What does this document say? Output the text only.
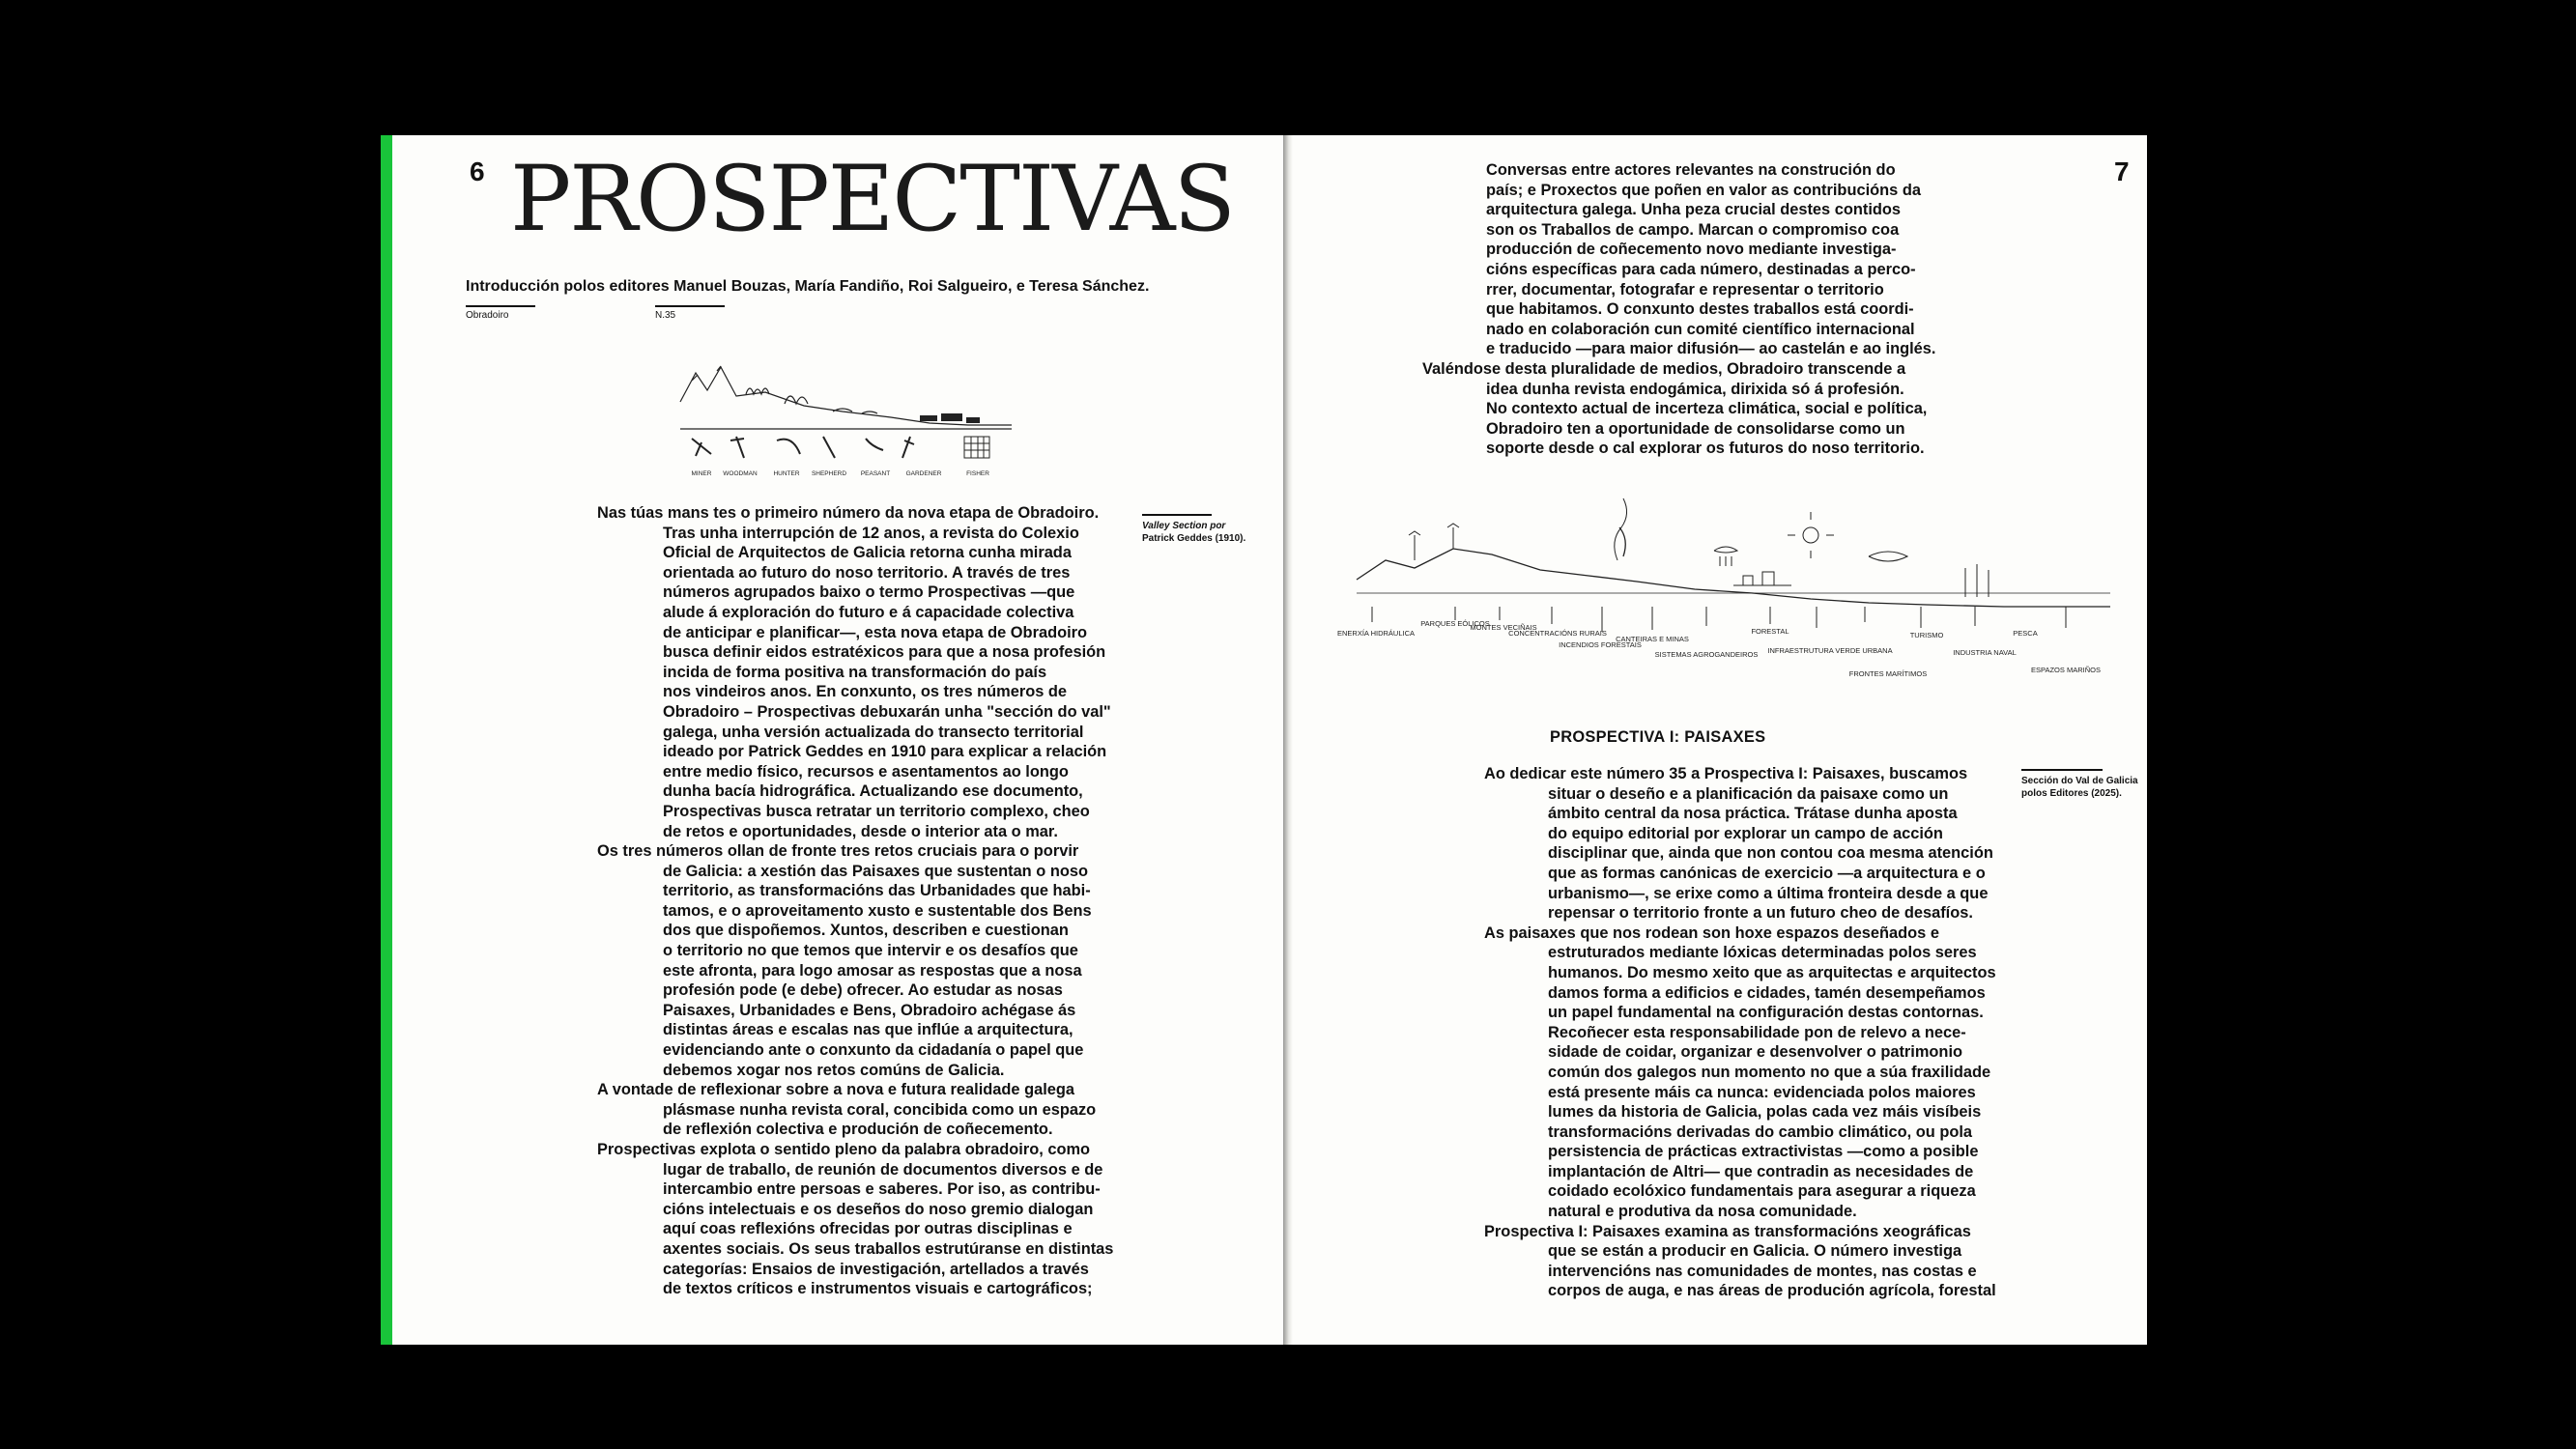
6 PROSPECTIVAS
Introducción polos editores Manuel Bouzas, María Fandiño, Roi Salgueiro, e Teresa Sánchez.
Obradoiro	N.35
MINER WOODMAN	HUNTER SHEPHERD PEASANT	GARDENER	FISHER
Valley Section por
Patrick Geddes (1910).
Nas túas mans tes o primeiro número da nova etapa de Obradoiro.
Tras unha interrupción de 12 anos, a revista do Colexio
Oficial de Arquitectos de Galicia retorna cunha mirada
orientada ao futuro do noso territorio. A través de tres
números agrupados baixo o termo Prospectivas —que
alude á exploración do futuro e á capacidade colectiva
de anticipar e planificar—, esta nova etapa de Obradoiro
busca definir eidos estratéxicos para que a nosa profesión
incida de forma positiva na transformación do país
nos vindeiros anos. En conxunto, os tres números de
Obradoiro – Prospectivas debuxarán unha "sección do val"
galega, unha versión actualizada do transecto territorial
ideado por Patrick Geddes en 1910 para explicar a relación
entre medio físico, recursos e asentamentos ao longo
dunha bacía hidrográfica. Actualizando ese documento,
Prospectivas busca retratar un territorio complexo, cheo
de retos e oportunidades, desde o interior ata o mar.
Os tres números ollan de fronte tres retos cruciais para o porvir
de Galicia: a xestión das Paisaxes que sustentan o noso
territorio, as transformacións das Urbanidades que habi-
tamos, e o aproveitamento xusto e sustentable dos Bens
dos que dispoñemos. Xuntos, describen e cuestionan
o territorio no que temos que intervir e os desafíos que
este afronta, para logo amosar as respostas que a nosa
profesión pode (e debe) ofrecer. Ao estudar as nosas
Paisaxes, Urbanidades e Bens, Obradoiro achégase ás
distintas áreas e escalas nas que inflúe a arquitectura,
evidenciando ante o conxunto da cidadanía o papel que
debemos xogar nos retos comúns de Galicia.
A vontade de reflexionar sobre a nova e futura realidade galega
plásmase nunha revista coral, concibida como un espazo
de reflexión colectiva e produción de coñecemento.
Prospectivas explota o sentido pleno da palabra obradoiro, como
lugar de traballo, de reunión de documentos diversos e de
intercambio entre persoas e saberes. Por iso, as contribu-
cións intelectuais e os deseños do noso gremio dialogan
aquí coas reflexións ofrecidas por outras disciplinas e
axentes sociais. Os seus traballos estrutúranse en distintas
categorías: Ensaios de investigación, artellados a través
de textos críticos e instrumentos visuais e cartográficos;
7
Conversas entre actores relevantes na construción do
país; e Proxectos que poñen en valor as contribucións da
arquitectura galega. Unha peza crucial destes contidos
son os Traballos de campo. Marcan o compromiso coa
producción de coñecemento novo mediante investiga-
cións específicas para cada número, destinadas a perco-
rrer, documentar, fotografar e representar o territorio
que habitamos. O conxunto destes traballos está coordi-
nado en colaboración cun comité científico internacional
e traducido —para maior difusión— ao castelán e ao inglés.
Valéndose desta pluralidade de medios, Obradoiro transcende a
idea dunha revista endogámica, dirixida só á profesión.
No contexto actual de incerteza climática, social e política,
Obradoiro ten a oportunidade de consolidarse como un
soporte desde o cal explorar os futuros do noso territorio.
ENERXÍA HIDRÁULICA
PARQUES EÓLICOS
MONTES VECIÑAIS
CONCENTRACIÓNS RURAIS
INCENDIOS FORESTAIS
CANTEIRAS E MINAS
SISTEMAS AGROGANDEIROS
FORESTAL
INFRAESTRUTURA VERDE URBANA
FRONTES MARÍTIMOS
TURISMO
INDUSTRIA NAVAL
PESCA
ESPAZOS MARIÑOS
PROSPECTIVA I: PAISAXES
Sección do Val de Galicia
polos Editores (2025).
Ao dedicar este número 35 a Prospectiva I: Paisaxes, buscamos
situar o deseño e a planificación da paisaxe como un
ámbito central da nosa práctica. Trátase dunha aposta
do equipo editorial por explorar un campo de acción
disciplinar que, ainda que non contou coa mesma atención
que as formas canónicas de exercicio —a arquitectura e o
urbanismo—, se erixe como a última fronteira desde a que
repensar o territorio fronte a un futuro cheo de desafíos.
As paisaxes que nos rodean son hoxe espazos deseñados e
estruturados mediante lóxicas determinadas polos seres
humanos. Do mesmo xeito que as arquitectas e arquitectos
damos forma a edificios e cidades, tamén desempeñamos
un papel fundamental na configuración destas contornas.
Recoñecer esta responsabilidade pon de relevo a nece-
sidade de coidar, organizar e desenvolver o patrimonio
común dos galegos nun momento no que a súa fraxilidade
está presente máis ca nunca: evidenciada polos maiores
lumes da historia de Galicia, polas cada vez máis visíbeis
transformacións derivadas do cambio climático, ou pola
persistencia de prácticas extractivistas —como a posible
implantación de Altri— que contradin as necesidades de
coidado ecolóxico fundamentais para asegurar a riqueza
natural e produtiva da nosa comunidade.
Prospectiva I: Paisaxes examina as transformacións xeográficas
que se están a producir en Galicia. O número investiga
intervencións nas comunidades de montes, nas costas e
corpos de auga, e nas áreas de produción agrícola, forestal
